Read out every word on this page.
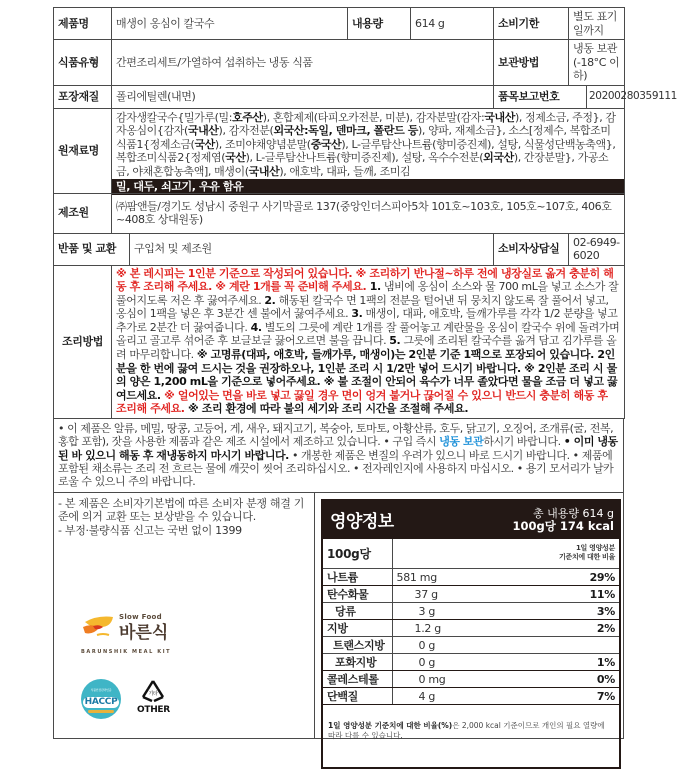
제품명	매생이 옹심이 칼국수		내용량	614 g	소비기한	별도 표기일까지	
식품유형	간편조리세트/가열하여 섭취하는 냉동 식품				보관방법	냉동 보관(-18°C 이하)	
포장재질	폴리에틸렌(내면)				품목보고번호		20200280359111
원재료명	감자생칼국수{밀가루(밀:호주산), 혼합제제(타피오카전분, 미분), 감자분말(감자:국내산), 정제소금, 주정}, 감자옹심이{감자(국내산), 감자전분(외국산:독일, 덴마크, 폴란드 등), 양파, 재제소금}, 소스[정제수, 복합조미식품1{정제소금(국산), 조미야채양념분말(중국산), L-글루탐산나트륨(향미증진제), 설탕, 식물성단백농축액}, 복합조미식품2{정제염(국산), L-글루탐산나트륨(향미증진제), 설탕, 옥수수전분(외국산), 간장분말}, 가공소금, 야채혼합농축액], 매생이(국내산), 애호박, 대파, 들깨, 조미김
밀, 대두, 쇠고기, 우유 함유						

제조원	㈜팜앤들/경기도 성남시 중원구 사기막골로 137(중앙인더스피아5차 101호~103호, 105호~107호, 406호~408호 상대원동)						
반품 및 교환		구입처 및 제조원			소비자상담실	02-6949-6020	
조리방법	※ 본 레시피는 1인분 기준으로 작성되어 있습니다. ※ 조리하기 반나절~하루 전에 냉장실로 옮겨 충분히 해동 후 조리해 주세요. ※ 계란 1개를 꼭 준비해 주세요. 1. 냄비에 옹심이 소스와 물 700 mL을 넣고 소스가 잘 풀어지도록 저은 후 끓여주세요. 2. 해동된 칼국수 면 1팩의 전분을 털어낸 뒤 뭉치지 않도록 잘 풀어서 넣고, 옹심이 1팩을 넣은 후 3분간 센 불에서 끓여주세요. 3. 매생이, 대파, 애호박, 들깨가루를 각각 1/2 분량을 넣고 추가로 2분간 더 끓여줍니다. 4. 별도의 그릇에 계란 1개를 잘 풀어놓고 계란물을 옹심이 칼국수 위에 돌려가며 올리고 골고루 섞어준 후 보글보글 끓어오르면 불을 끕니다. 5. 그릇에 조리된 칼국수를 옮겨 담고 김가루를 올려 마무리합니다. ※ 고명류(대파, 애호박, 들깨가루, 매생이)는 2인분 기준 1팩으로 포장되어 있습니다. 2인분을 한 번에 끓여 드시는 것을 권장하오나, 1인분 조리 시 1/2만 넣어 드시기 바랍니다. ※ 2인분 조리 시 물의 양은 1,200 mL을 기준으로 넣어주세요. ※ 불 조절이 안되어 육수가 너무 졸았다면 물을 조금 더 넣고 끓여드세요. ※ 얼어있는 면을 바로 넣고 끓일 경우 면이 엉겨 붙거나 끊어질 수 있으니 반드시 충분히 해동 후 조리해 주세요. ※ 조리 환경에 따라 불의 세기와 조리 시간을 조절해 주세요.						
• 이 제품은 알류, 메밀, 땅콩, 고등어, 게, 새우, 돼지고기, 복숭아, 토마토, 아황산류, 호두, 닭고기, 오징어, 조개류(굴, 전복, 홍합 포함), 잣을 사용한 제품과 같은 제조 시설에서 제조하고 있습니다. • 구입 즉시 냉동 보관하시기 바랍니다. • 이미 냉동된 바 있으니 해동 후 재냉동하지 마시기 바랍니다. • 개봉한 제품은 변질의 우려가 있으니 바로 드시기 바랍니다. • 제품에 포함된 채소류는 조리 전 흐르는 물에 깨끗이 씻어 조리하십시오. • 전자레인지에 사용하지 마십시오. • 용기 모서리가 날카로울 수 있으니 주의 바랍니다.
- 본 제품은 소비자기본법에 따른 소비자 분쟁 해결 기준에 의거 교환 또는 보상받을 수 있습니다.
- 부정·불량식품 신고는 국번 없이 1399
Slow Food
바른식
BARUNSHIK MEAL KIT
식품안전관리인증
HACCP
기타
OTHER
영양정보	총 내용량 614 g
100g당 174 kcal
100g당	1일 영양성분
기준치에 대한 비율	

나트륨	581 mg	29%
탄수화물	37 g	11%
당류	3 g	3%
지방	1.2 g	2%
트랜스지방	0 g	
포화지방	0 g	1%
콜레스테롤	0 mg	0%
단백질	4 g	7%
1일 영양성분 기준치에 대한 비율(%)은 2,000 kcal 기준이므로 개인의 필요 열량에 따라 다를 수 있습니다.
